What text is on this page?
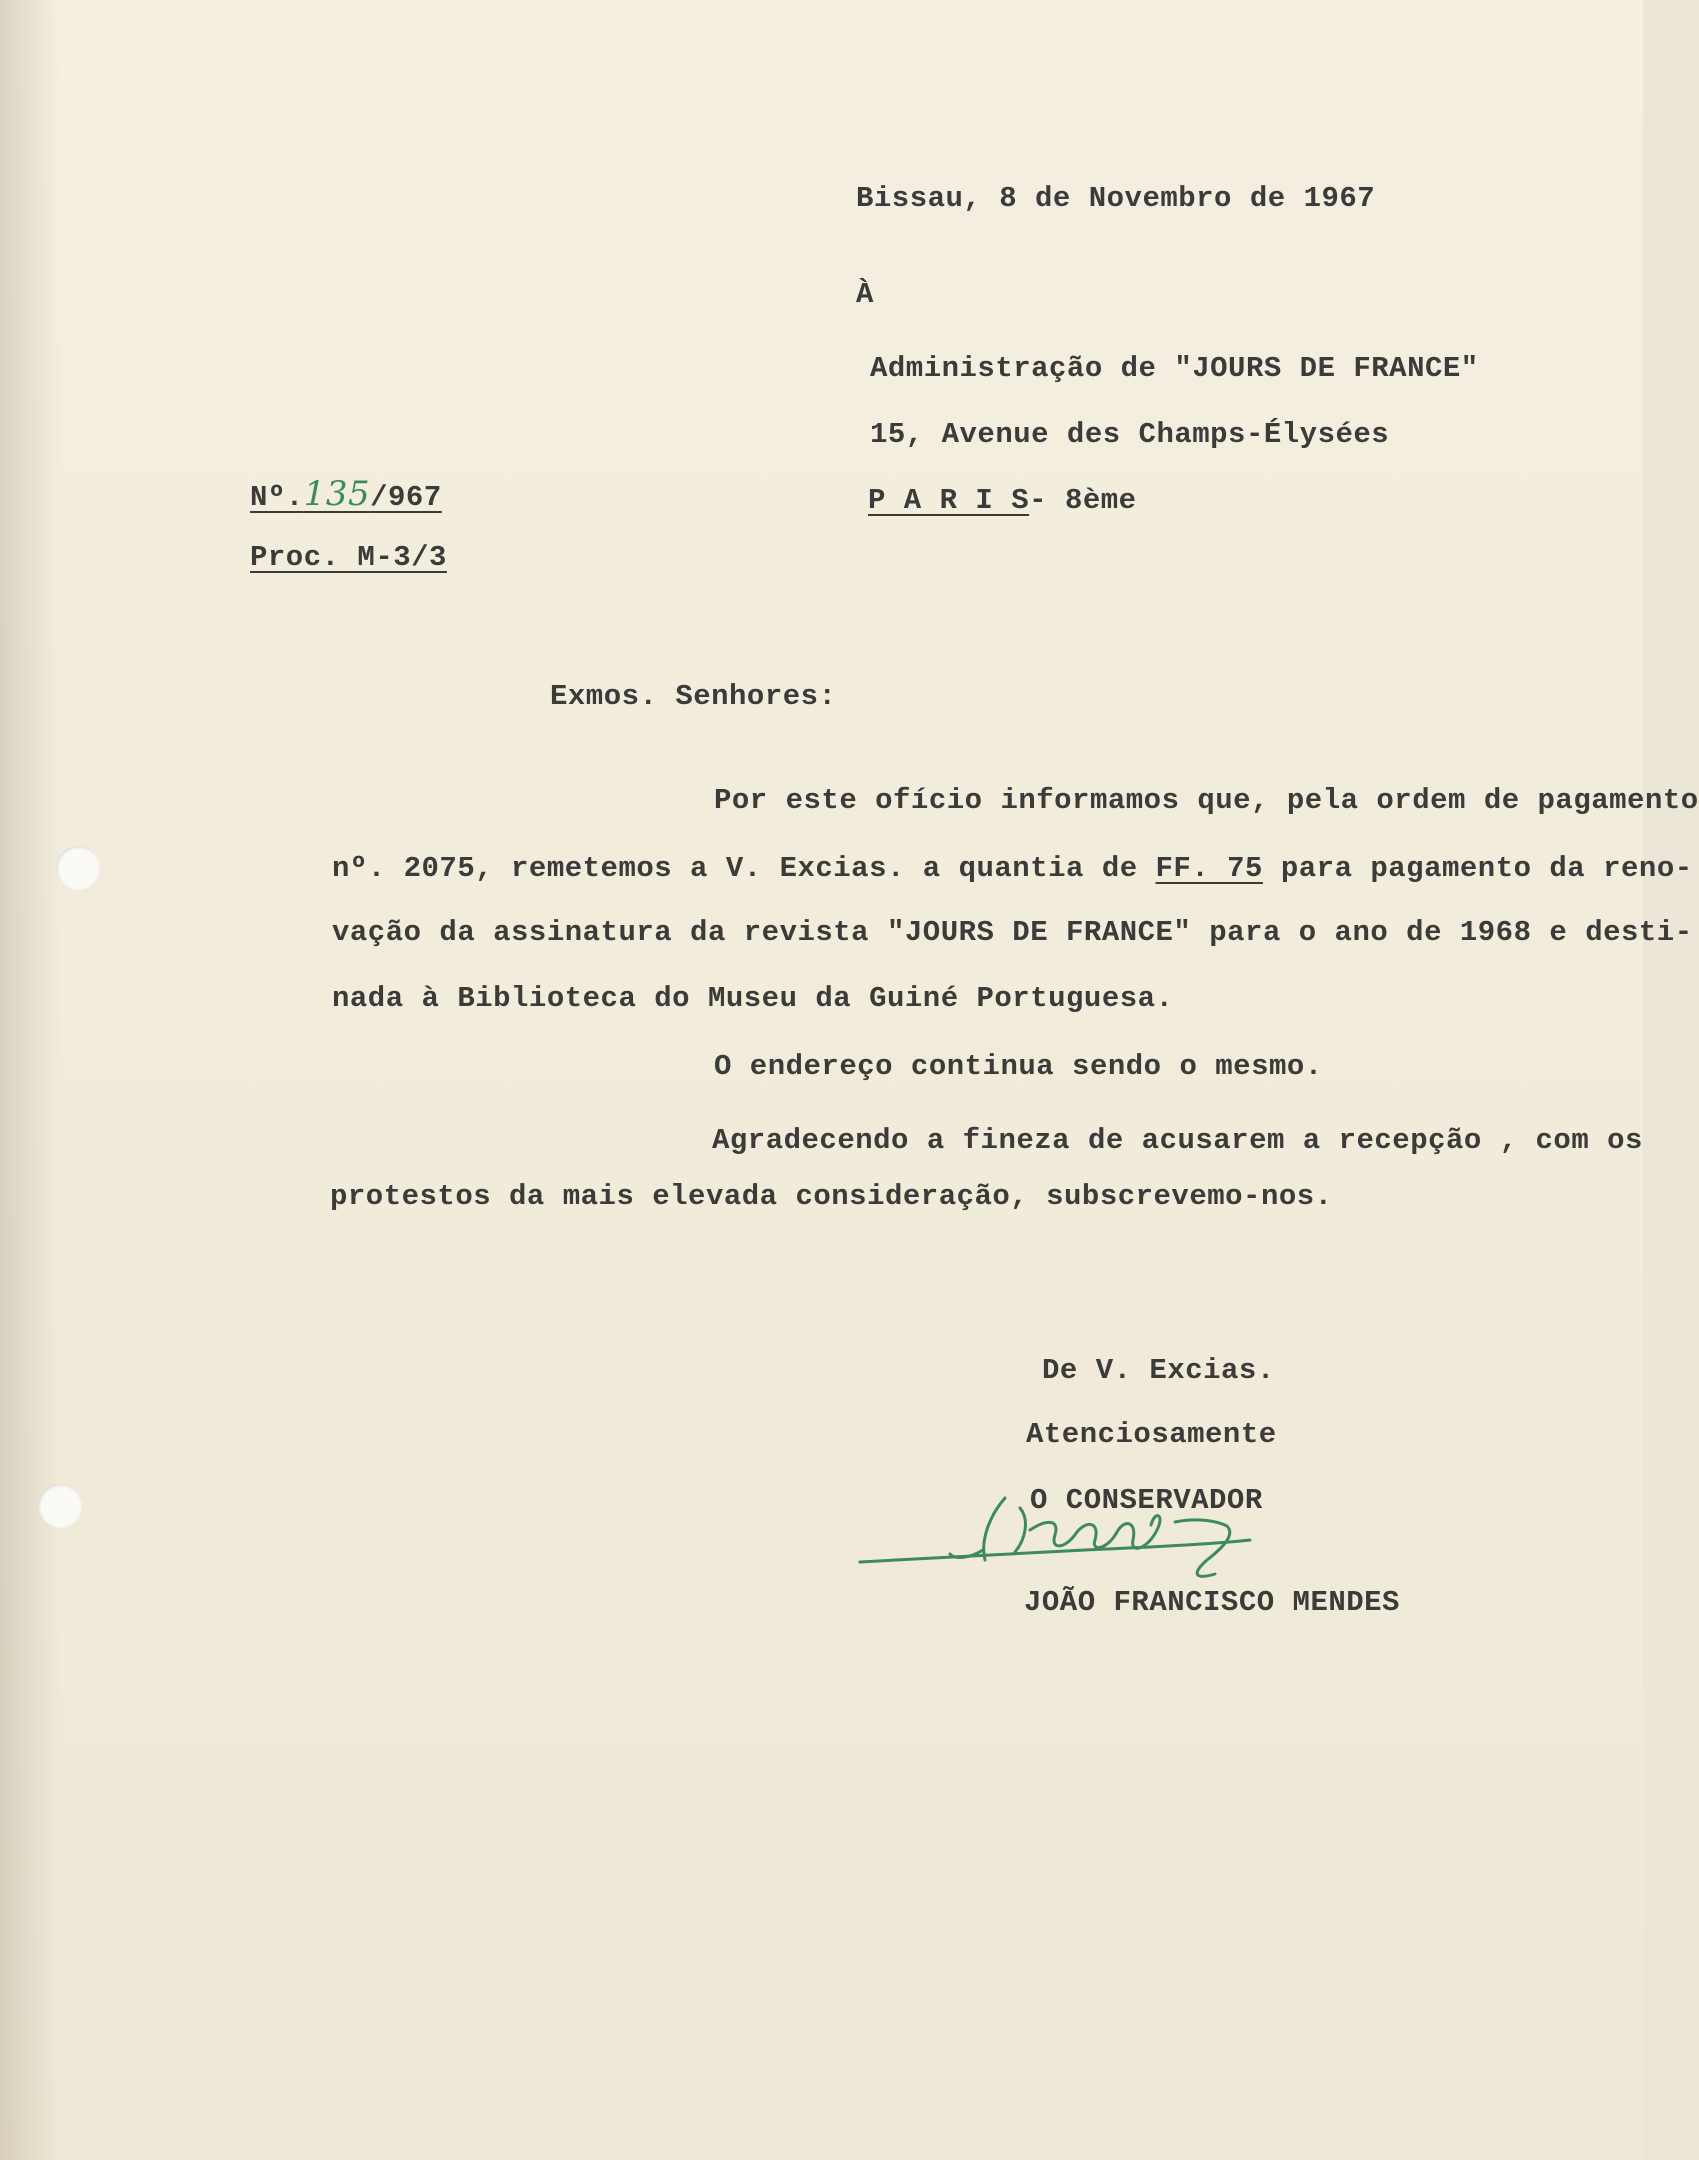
Bissau, 8 de Novembro de 1967
À
Administração de "JOURS DE FRANCE"
15, Avenue des Champs-Élysées
P A R I S- 8ème
Nº.135/967
Proc. M-3/3
Exmos. Senhores:
Por este ofício informamos que, pela ordem de pagamento
nº. 2075, remetemos a V. Excias. a quantia de FF. 75 para pagamento da reno-
vação da assinatura da revista "JOURS DE FRANCE" para o ano de 1968 e desti-
nada à Biblioteca do Museu da Guiné Portuguesa.
O endereço continua sendo o mesmo.
Agradecendo a fineza de acusarem a recepção , com os
protestos da mais elevada consideração, subscrevemo-nos.
De V. Excias.
Atenciosamente
O CONSERVADOR
JOÃO FRANCISCO MENDES
